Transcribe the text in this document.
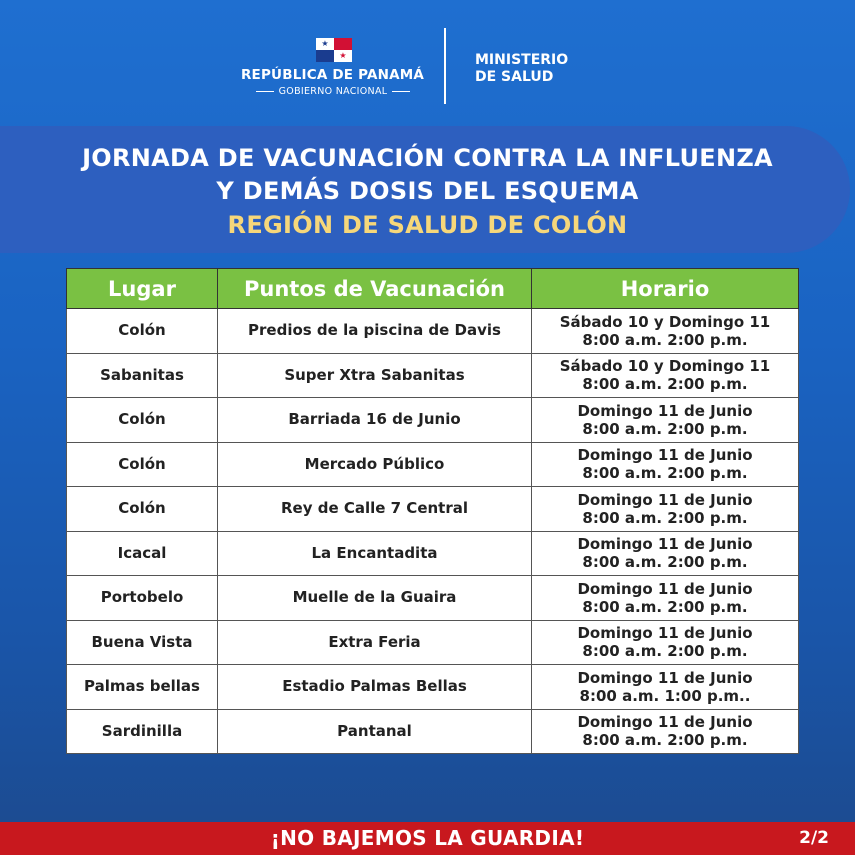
★
★
REPÚBLICA DE PANAMÁ
GOBIERNO NACIONAL
MINISTERIO
DE SALUD
JORNADA DE VACUNACIÓN CONTRA LA INFLUENZA
Y DEMÁS DOSIS DEL ESQUEMA
REGIÓN DE SALUD DE COLÓN
Lugar	Puntos de Vacunación	Horario
Colón	Predios de la piscina de Davis	Sábado 10 y Domingo 11
8:00 a.m. 2:00 p.m.

Sabanitas	Super Xtra Sabanitas	Sábado 10 y Domingo 11
8:00 a.m. 2:00 p.m.

Colón	Barriada 16 de Junio	Domingo 11 de Junio
8:00 a.m. 2:00 p.m.

Colón	Mercado Público	Domingo 11 de Junio
8:00 a.m. 2:00 p.m.

Colón	Rey de Calle 7 Central	Domingo 11 de Junio
8:00 a.m. 2:00 p.m.

Icacal	La Encantadita	Domingo 11 de Junio
8:00 a.m. 2:00 p.m.

Portobelo	Muelle de la Guaira	Domingo 11 de Junio
8:00 a.m. 2:00 p.m.

Buena Vista	Extra Feria	Domingo 11 de Junio
8:00 a.m. 2:00 p.m.

Palmas bellas	Estadio Palmas Bellas	Domingo 11 de Junio
8:00 a.m. 1:00 p.m..

Sardinilla	Pantanal	Domingo 11 de Junio
8:00 a.m. 2:00 p.m.
¡NO BAJEMOS LA GUARDIA!	2/2
